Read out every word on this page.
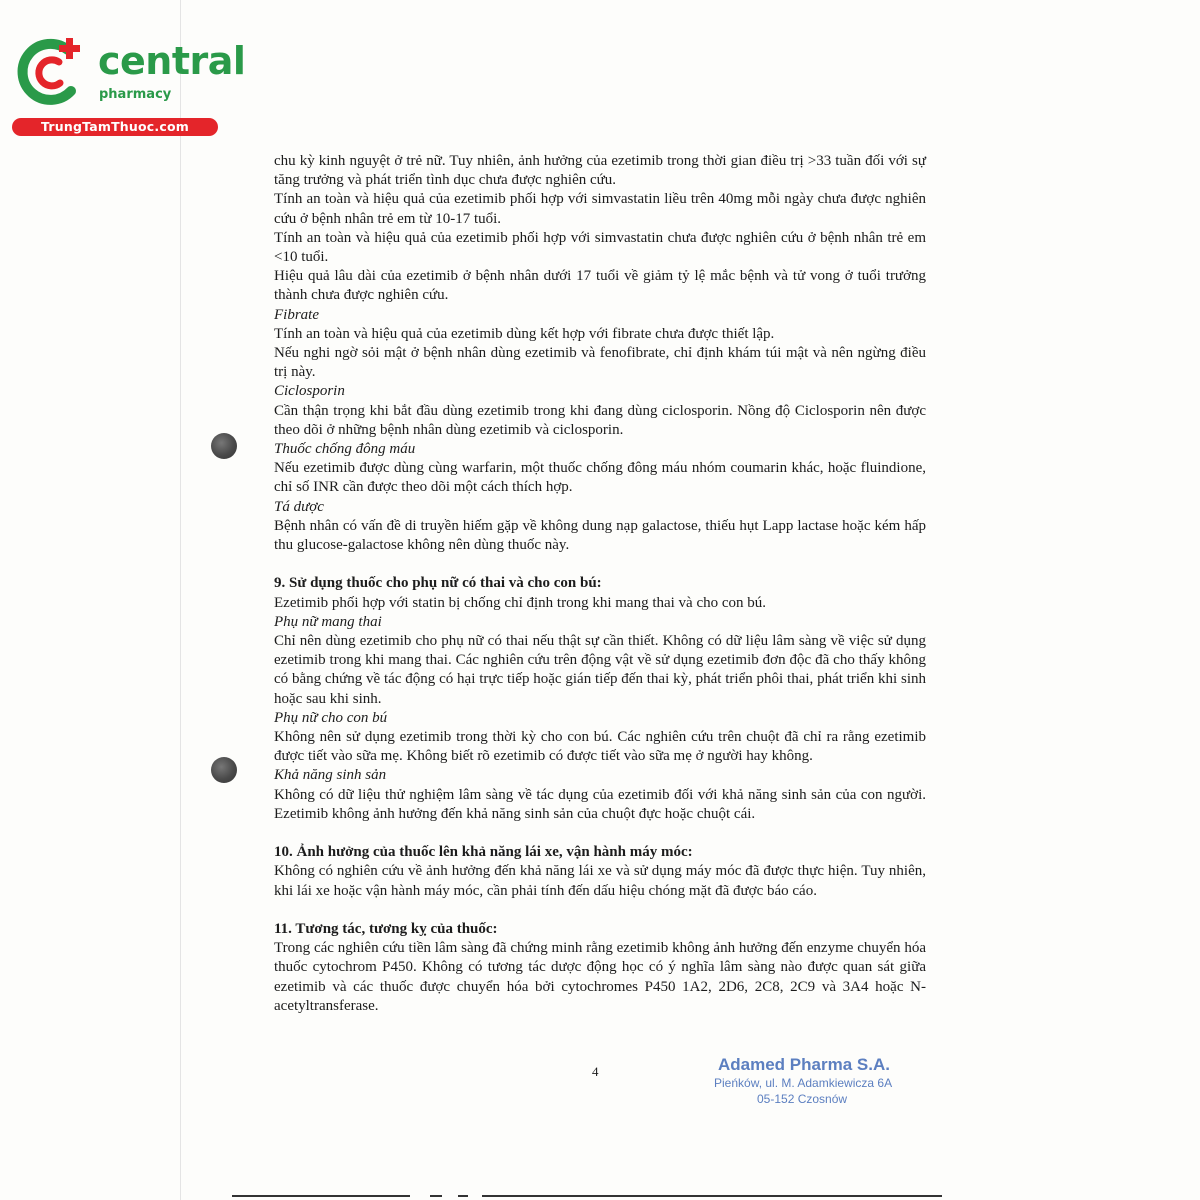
central
pharmacy
TrungTamThuoc.com

chu kỳ kinh nguyệt ở trẻ nữ. Tuy nhiên, ảnh hưởng của ezetimib trong thời gian điều trị >33 tuần đối với sự tăng trưởng và phát triển tình dục chưa được nghiên cứu.

Tính an toàn và hiệu quả của ezetimib phối hợp với simvastatin liều trên 40mg mỗi ngày chưa được nghiên cứu ở bệnh nhân trẻ em từ 10-17 tuổi.

Tính an toàn và hiệu quả của ezetimib phối hợp với simvastatin chưa được nghiên cứu ở bệnh nhân trẻ em <10 tuổi.

Hiệu quả lâu dài của ezetimib ở bệnh nhân dưới 17 tuổi về giảm tỷ lệ mắc bệnh và tử vong ở tuổi trưởng thành chưa được nghiên cứu.

Fibrate

Tính an toàn và hiệu quả của ezetimib dùng kết hợp với fibrate chưa được thiết lập.

Nếu nghi ngờ sỏi mật ở bệnh nhân dùng ezetimib và fenofibrate, chỉ định khám túi mật và nên ngừng điều trị này.

Ciclosporin

Cần thận trọng khi bắt đầu dùng ezetimib trong khi đang dùng ciclosporin. Nồng độ Ciclosporin nên được theo dõi ở những bệnh nhân dùng ezetimib và ciclosporin.

Thuốc chống đông máu

Nếu ezetimib được dùng cùng warfarin, một thuốc chống đông máu nhóm coumarin khác, hoặc fluindione, chỉ số INR cần được theo dõi một cách thích hợp.

Tá dược

Bệnh nhân có vấn đề di truyền hiếm gặp về không dung nạp galactose, thiếu hụt Lapp lactase hoặc kém hấp thu glucose-galactose không nên dùng thuốc này.

9. Sử dụng thuốc cho phụ nữ có thai và cho con bú:

Ezetimib phối hợp với statin bị chống chỉ định trong khi mang thai và cho con bú.

Phụ nữ mang thai

Chỉ nên dùng ezetimib cho phụ nữ có thai nếu thật sự cần thiết. Không có dữ liệu lâm sàng về việc sử dụng ezetimib trong khi mang thai. Các nghiên cứu trên động vật về sử dụng ezetimib đơn độc đã cho thấy không có bằng chứng về tác động có hại trực tiếp hoặc gián tiếp đến thai kỳ, phát triển phôi thai, phát triển khi sinh hoặc sau khi sinh.

Phụ nữ cho con bú

Không nên sử dụng ezetimib trong thời kỳ cho con bú. Các nghiên cứu trên chuột đã chỉ ra rằng ezetimib được tiết vào sữa mẹ. Không biết rõ ezetimib có được tiết vào sữa mẹ ở người hay không.

Khả năng sinh sản

Không có dữ liệu thử nghiệm lâm sàng về tác dụng của ezetimib đối với khả năng sinh sản của con người. Ezetimib không ảnh hưởng đến khả năng sinh sản của chuột đực hoặc chuột cái.

10. Ảnh hưởng của thuốc lên khả năng lái xe, vận hành máy móc:

Không có nghiên cứu về ảnh hưởng đến khả năng lái xe và sử dụng máy móc đã được thực hiện. Tuy nhiên, khi lái xe hoặc vận hành máy móc, cần phải tính đến dấu hiệu chóng mặt đã được báo cáo.

11. Tương tác, tương kỵ của thuốc:

Trong các nghiên cứu tiền lâm sàng đã chứng minh rằng ezetimib không ảnh hưởng đến enzyme chuyển hóa thuốc cytochrom P450. Không có tương tác dược động học có ý nghĩa lâm sàng nào được quan sát giữa ezetimib và các thuốc được chuyển hóa bởi cytochromes P450 1A2, 2D6, 2C8, 2C9 và 3A4 hoặc N-acetyltransferase.

4	Adamed Pharma S.A.
Pieńków, ul. M. Adamkiewicza 6A
05-152 Czosnów
